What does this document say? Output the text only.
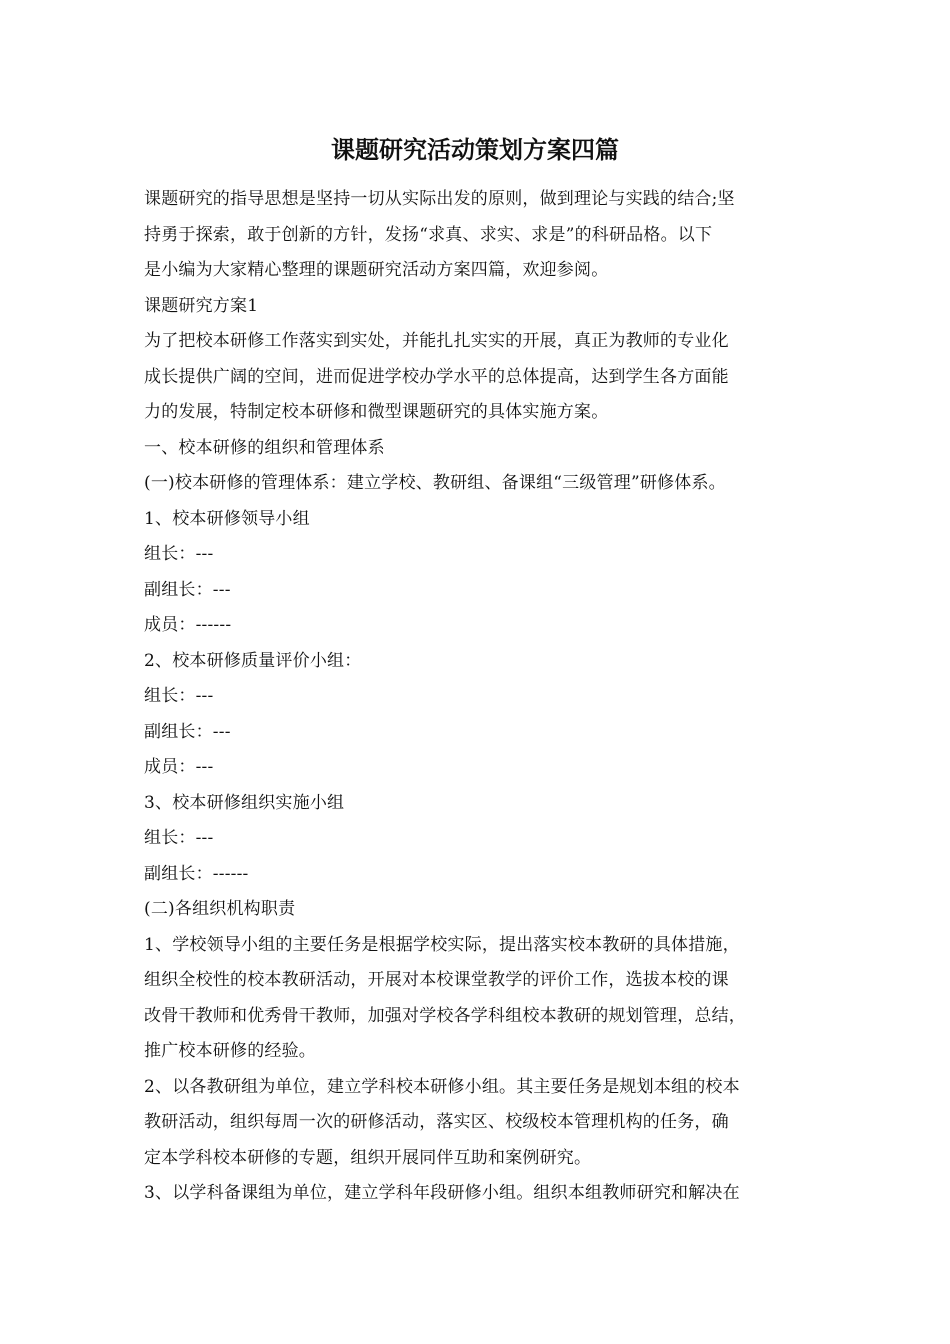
课题研究活动策划方案四篇

课题研究的指导思想是坚持一切从实际出发的原则，做到理论与实践的结合;坚
持勇于探索，敢于创新的方针，发扬“求真、求实、求是”的科研品格。以下
是小编为大家精心整理的课题研究活动方案四篇，欢迎参阅。

课题研究方案1

为了把校本研修工作落实到实处，并能扎扎实实的开展，真正为教师的专业化
成长提供广阔的空间，进而促进学校办学水平的总体提高，达到学生各方面能
力的发展，特制定校本研修和微型课题研究的具体实施方案。

一、校本研修的组织和管理体系

(一)校本研修的管理体系：建立学校、教研组、备课组“三级管理”研修体系。

1、校本研修领导小组

组长：---

副组长：---

成员：------

2、校本研修质量评价小组：

组长：---

副组长：---

成员：---

3、校本研修组织实施小组

组长：---

副组长：------

(二)各组织机构职责

1、学校领导小组的主要任务是根据学校实际，提出落实校本教研的具体措施，
组织全校性的校本教研活动，开展对本校课堂教学的评价工作，选拔本校的课
改骨干教师和优秀骨干教师，加强对学校各学科组校本教研的规划管理，总结，
推广校本研修的经验。

2、以各教研组为单位，建立学科校本研修小组。其主要任务是规划本组的校本
教研活动，组织每周一次的研修活动，落实区、校级校本管理机构的任务，确
定本学科校本研修的专题，组织开展同伴互助和案例研究。

3、以学科备课组为单位，建立学科年段研修小组。组织本组教师研究和解决在
